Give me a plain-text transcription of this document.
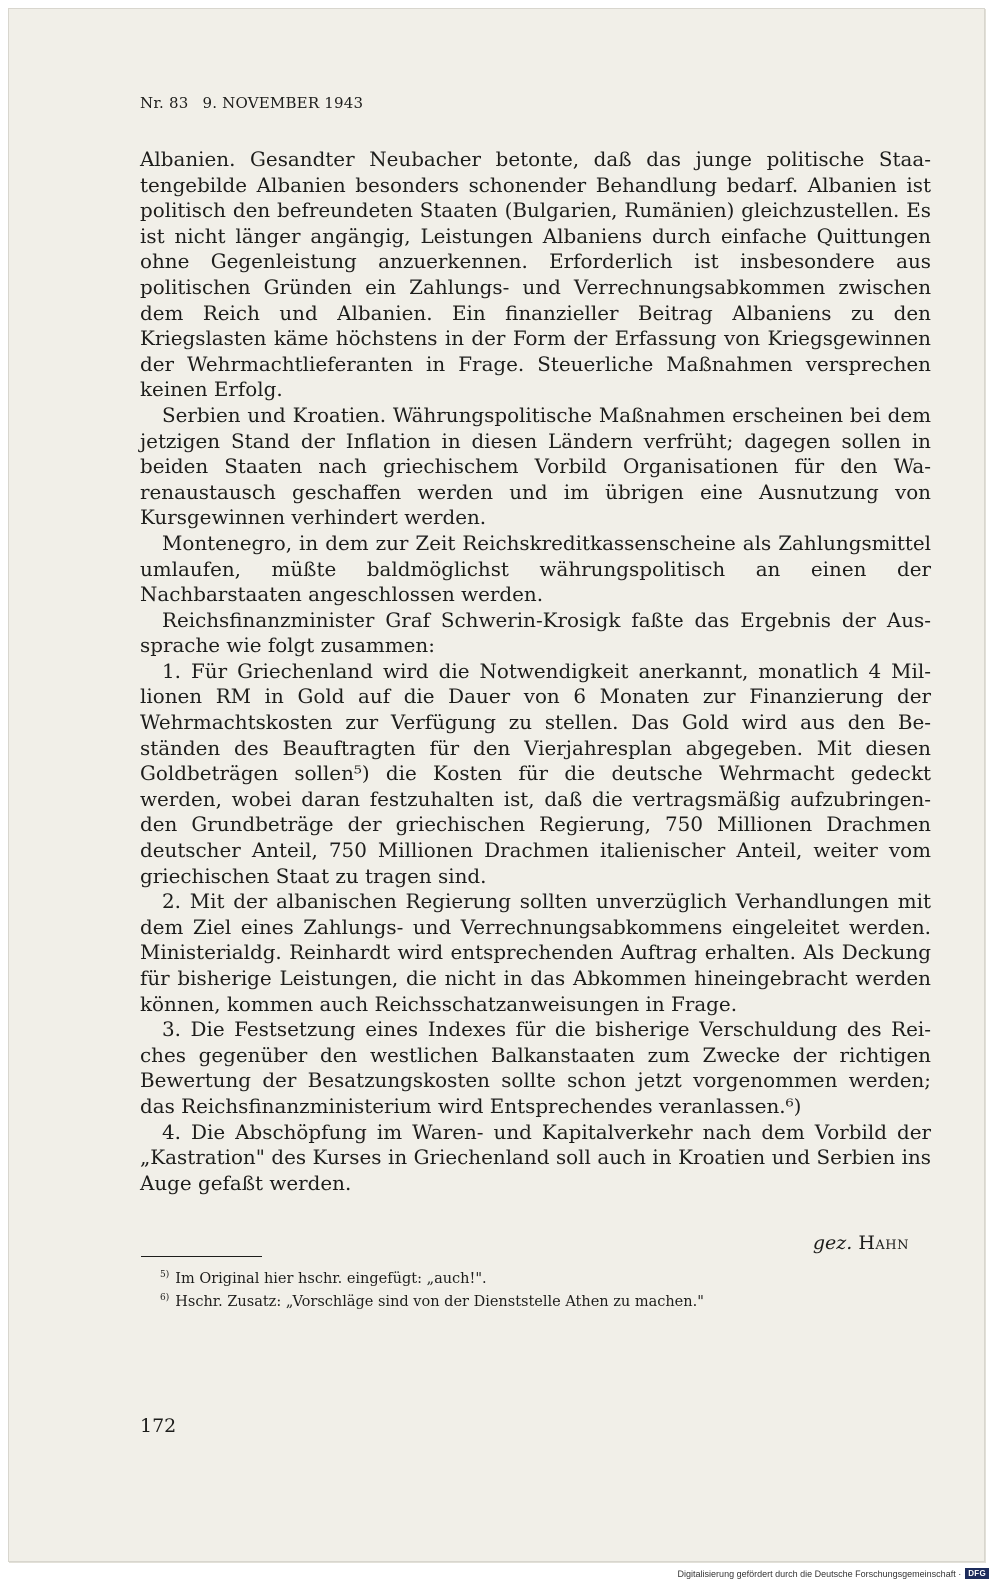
Nr. 83 9. NOVEMBER 1943

Albanien. Gesandter Neubacher betonte, daß das junge politische Staatengebilde Albanien besonders schonender Behandlung bedarf. Albanien ist politisch den befreundeten Staaten (Bulgarien, Rumänien) gleichzustellen. Es ist nicht länger angängig, Leistungen Albaniens durch einfache Quittungen ohne Gegenleistung anzuerkennen. Erforderlich ist insbesondere aus politischen Gründen ein Zahlungs- und Verrechnungsabkommen zwischen dem Reich und Albanien. Ein finanzieller Beitrag Albaniens zu den Kriegslasten käme höchstens in der Form der Erfassung von Kriegsgewinnen der Wehrmachtlieferanten in Frage. Steuerliche Maßnahmen versprechen keinen Erfolg.

Serbien und Kroatien. Währungspolitische Maßnahmen erscheinen bei dem jetzigen Stand der Inflation in diesen Ländern verfrüht; dagegen sollen in beiden Staaten nach griechischem Vorbild Organisationen für den Warenaustausch geschaffen werden und im übrigen eine Ausnutzung von Kursgewinnen verhindert werden.

Montenegro, in dem zur Zeit Reichskreditkassenscheine als Zahlungsmittel umlaufen, müßte baldmöglichst währungspolitisch an einen der Nachbarstaaten angeschlossen werden.

Reichsfinanzminister Graf Schwerin-Krosigk faßte das Ergebnis der Aussprache wie folgt zusammen:

1. Für Griechenland wird die Notwendigkeit anerkannt, monatlich 4 Millionen RM in Gold auf die Dauer von 6 Monaten zur Finanzierung der Wehrmachtskosten zur Verfügung zu stellen. Das Gold wird aus den Beständen des Beauftragten für den Vierjahresplan abgegeben. Mit diesen Goldbeträgen sollen⁵) die Kosten für die deutsche Wehrmacht gedeckt werden, wobei daran festzuhalten ist, daß die vertragsmäßig aufzubringenden Grundbeträge der griechischen Regierung, 750 Millionen Drachmen deutscher Anteil, 750 Millionen Drachmen italienischer Anteil, weiter vom griechischen Staat zu tragen sind.

2. Mit der albanischen Regierung sollten unverzüglich Verhandlungen mit dem Ziel eines Zahlungs- und Verrechnungsabkommens eingeleitet werden. Ministerialdg. Reinhardt wird entsprechenden Auftrag erhalten. Als Deckung für bisherige Leistungen, die nicht in das Abkommen hineingebracht werden können, kommen auch Reichsschatzanweisungen in Frage.

3. Die Festsetzung eines Indexes für die bisherige Verschuldung des Reiches gegenüber den westlichen Balkanstaaten zum Zwecke der richtigen Bewertung der Besatzungskosten sollte schon jetzt vorgenommen werden; das Reichsfinanzministerium wird Entsprechendes veranlassen.⁶)

4. Die Abschöpfung im Waren- und Kapitalverkehr nach dem Vorbild der „Kastration" des Kurses in Griechenland soll auch in Kroatien und Serbien ins Auge gefaßt werden.

gez. Hahn
$^{5)}$ Im Original hier hschr. eingefügt: „auch!".
$^{6)}$ Hschr. Zusatz: „Vorschläge sind von der Dienststelle Athen zu machen."
172
Digitalisierung gefördert durch die Deutsche Forschungsgemeinschaft · DFG
